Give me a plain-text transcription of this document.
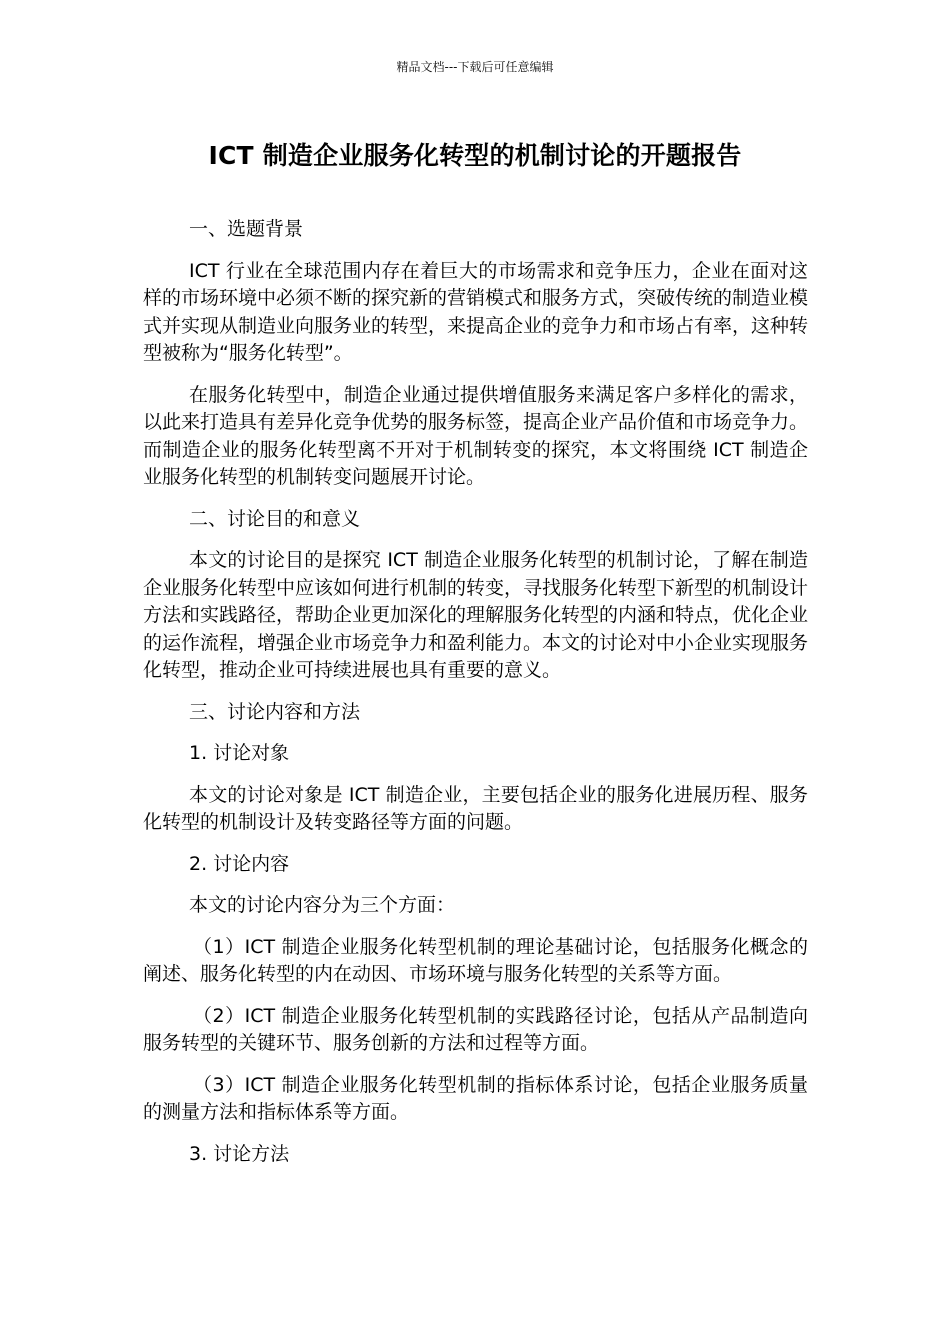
精品文档---下载后可任意编辑
ICT 制造企业服务化转型的机制讨论的开题报告

一、选题背景

ICT 行业在全球范围内存在着巨大的市场需求和竞争压力，企业在面对这样的市场环境中必须不断的探究新的营销模式和服务方式，突破传统的制造业模式并实现从制造业向服务业的转型，来提高企业的竞争力和市场占有率，这种转型被称为“服务化转型”。

在服务化转型中，制造企业通过提供增值服务来满足客户多样化的需求，以此来打造具有差异化竞争优势的服务标签，提高企业产品价值和市场竞争力。而制造企业的服务化转型离不开对于机制转变的探究，本文将围绕 ICT 制造企业服务化转型的机制转变问题展开讨论。

二、讨论目的和意义

本文的讨论目的是探究 ICT 制造企业服务化转型的机制讨论，了解在制造企业服务化转型中应该如何进行机制的转变，寻找服务化转型下新型的机制设计方法和实践路径，帮助企业更加深化的理解服务化转型的内涵和特点，优化企业的运作流程，增强企业市场竞争力和盈利能力。本文的讨论对中小企业实现服务化转型，推动企业可持续进展也具有重要的意义。

三、讨论内容和方法

1. 讨论对象

本文的讨论对象是 ICT 制造企业，主要包括企业的服务化进展历程、服务化转型的机制设计及转变路径等方面的问题。

2. 讨论内容

本文的讨论内容分为三个方面：

（1）ICT 制造企业服务化转型机制的理论基础讨论，包括服务化概念的阐述、服务化转型的内在动因、市场环境与服务化转型的关系等方面。

（2）ICT 制造企业服务化转型机制的实践路径讨论，包括从产品制造向服务转型的关键环节、服务创新的方法和过程等方面。

（3）ICT 制造企业服务化转型机制的指标体系讨论，包括企业服务质量的测量方法和指标体系等方面。

3. 讨论方法
